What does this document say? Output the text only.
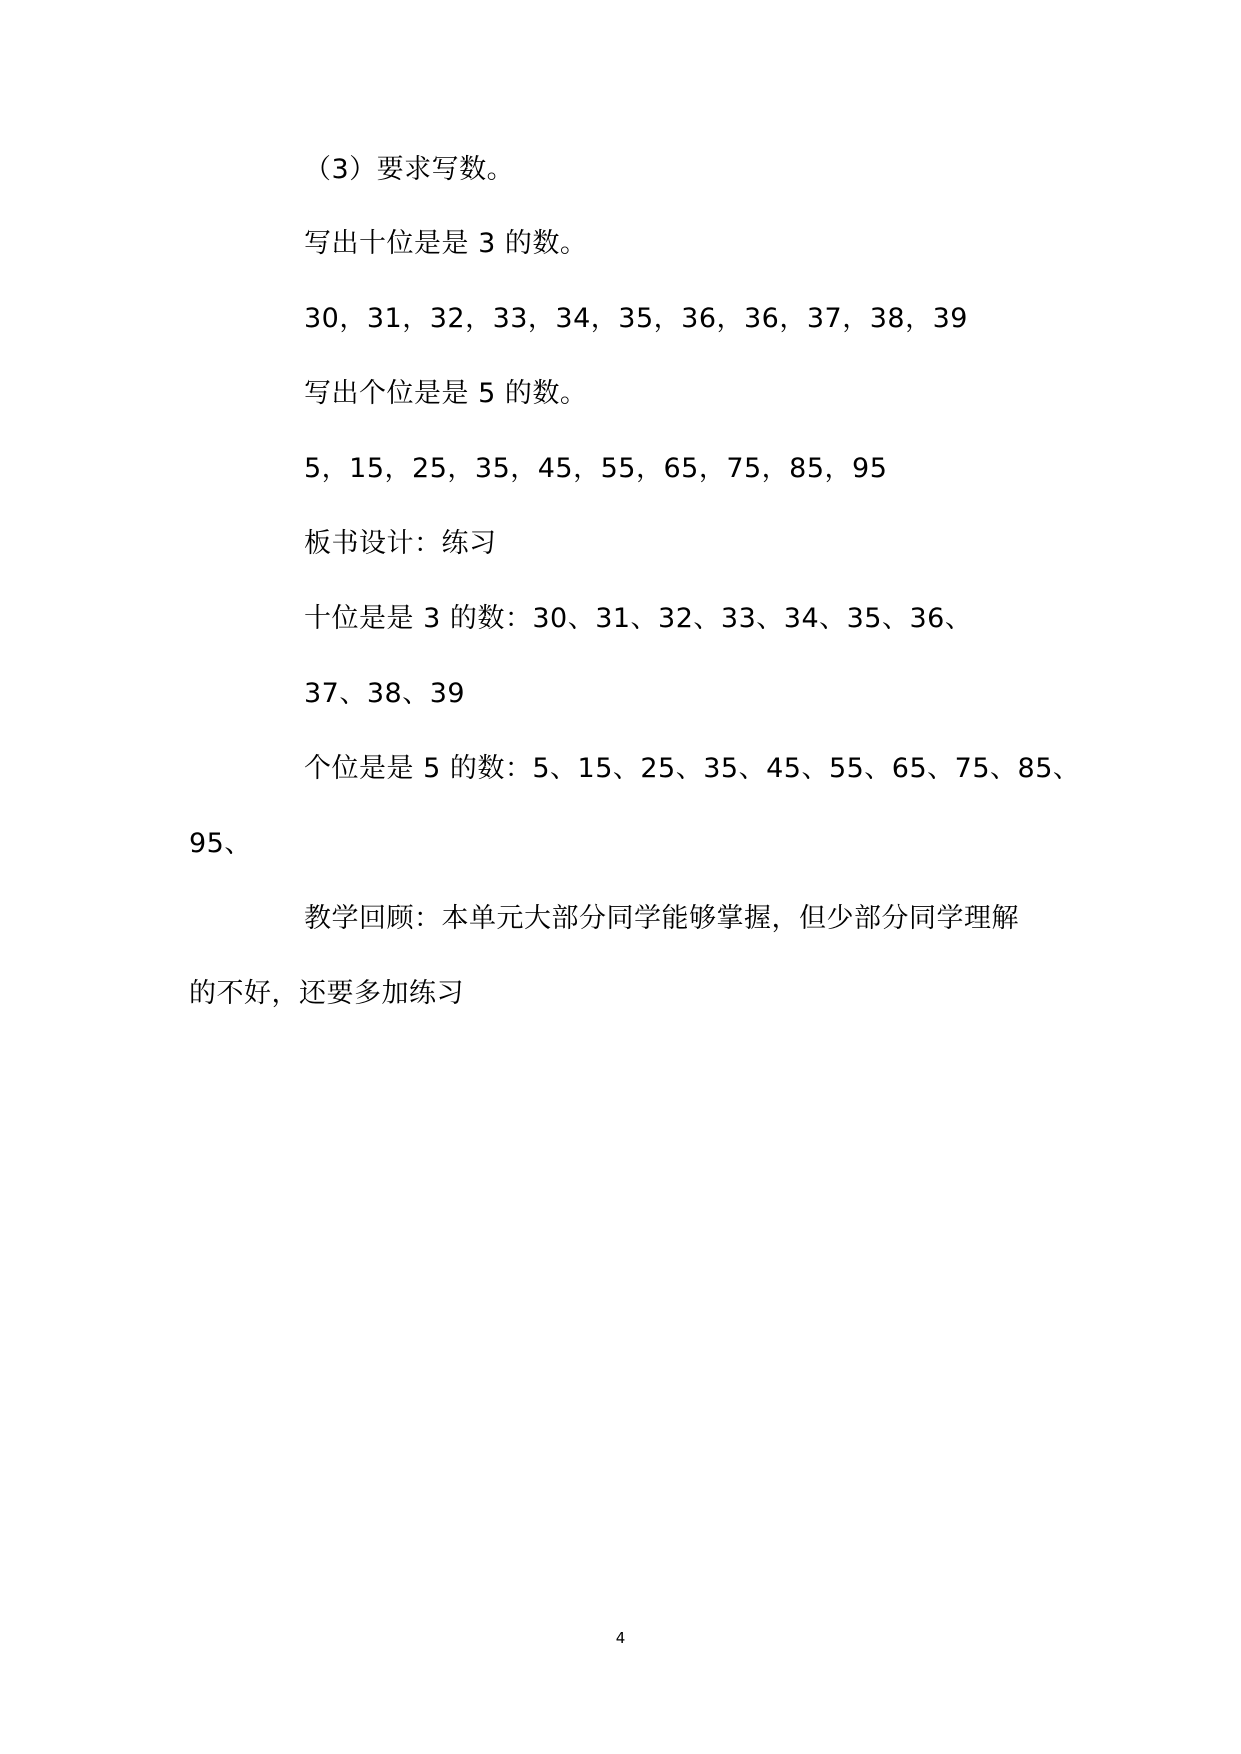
（3）要求写数。
写出十位是是 3 的数。
30，31，32，33，34，35，36，36，37，38，39
写出个位是是 5 的数。
5，15，25，35，45，55，65，75，85，95
板书设计：练习
十位是是 3 的数：30、31、32、33、34、35、36、
37、38、39
个位是是 5 的数：5、15、25、35、45、55、65、75、85、
95、
教学回顾：本单元大部分同学能够掌握，但少部分同学理解
的不好，还要多加练习
4
